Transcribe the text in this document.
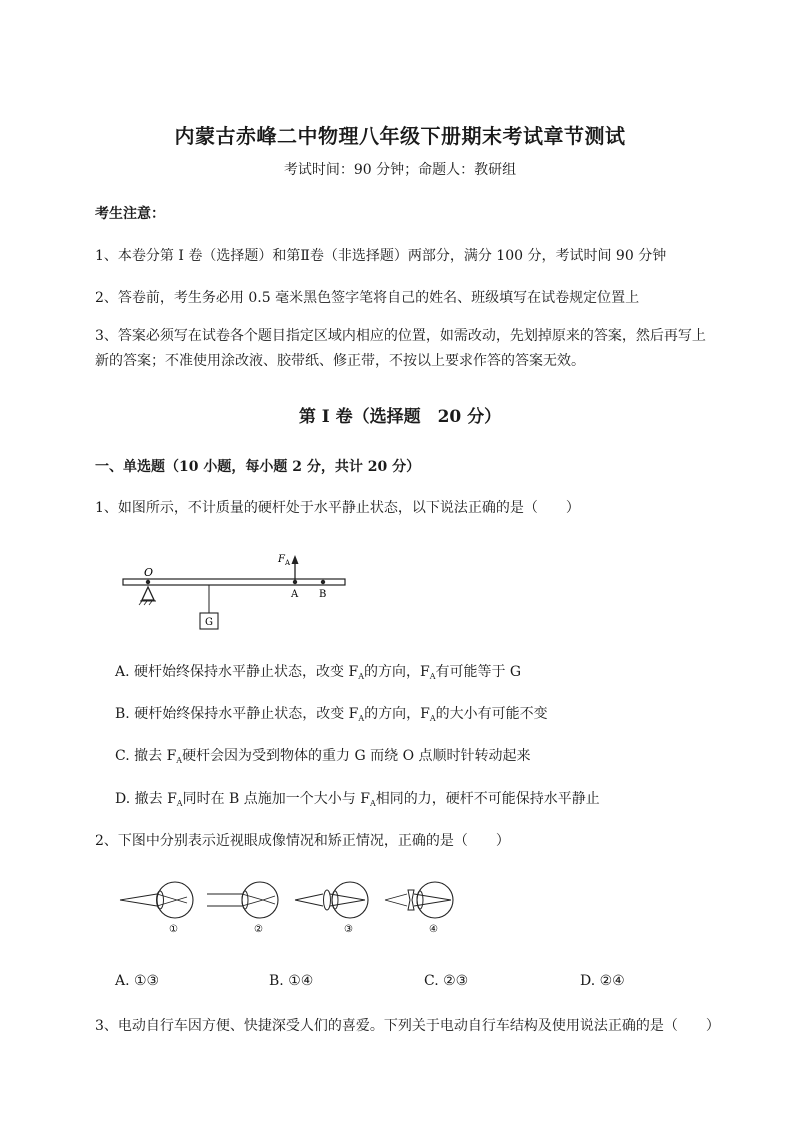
内蒙古赤峰二中物理八年级下册期末考试章节测试
考试时间：90 分钟；命题人：教研组
考生注意：
1、本卷分第 I 卷（选择题）和第Ⅱ卷（非选择题）两部分，满分 100 分，考试时间 90 分钟
2、答卷前，考生务必用 0.5 毫米黑色签字笔将自己的姓名、班级填写在试卷规定位置上
3、答案必须写在试卷各个题目指定区域内相应的位置，如需改动，先划掉原来的答案，然后再写上新的答案；不准使用涂改液、胶带纸、修正带，不按以上要求作答的答案无效。
第 I 卷（选择题　20 分）
一、单选题（10 小题，每小题 2 分，共计 20 分）
1、如图所示，不计质量的硬杆处于水平静止状态，以下说法正确的是（　　）
O
G
$F_A$
A B
A. 硬杆始终保持水平静止状态，改变 $F_A$的方向，$F_A$有可能等于 G
B. 硬杆始终保持水平静止状态，改变 $F_A$的方向，$F_A$的大小有可能不变
C. 撤去 $F_A$硬杆会因为受到物体的重力 G 而绕 O 点顺时针转动起来
D. 撤去 $F_A$同时在 B 点施加一个大小与 $F_A$相同的力，硬杆不可能保持水平静止
2、下图中分别表示近视眼成像情况和矫正情况，正确的是（　　）
①	②	③	④
A. ①③	B. ①④	C. ②③	D. ②④
3、电动自行车因方便、快捷深受人们的喜爱。下列关于电动自行车结构及使用说法正确的是（　　）
